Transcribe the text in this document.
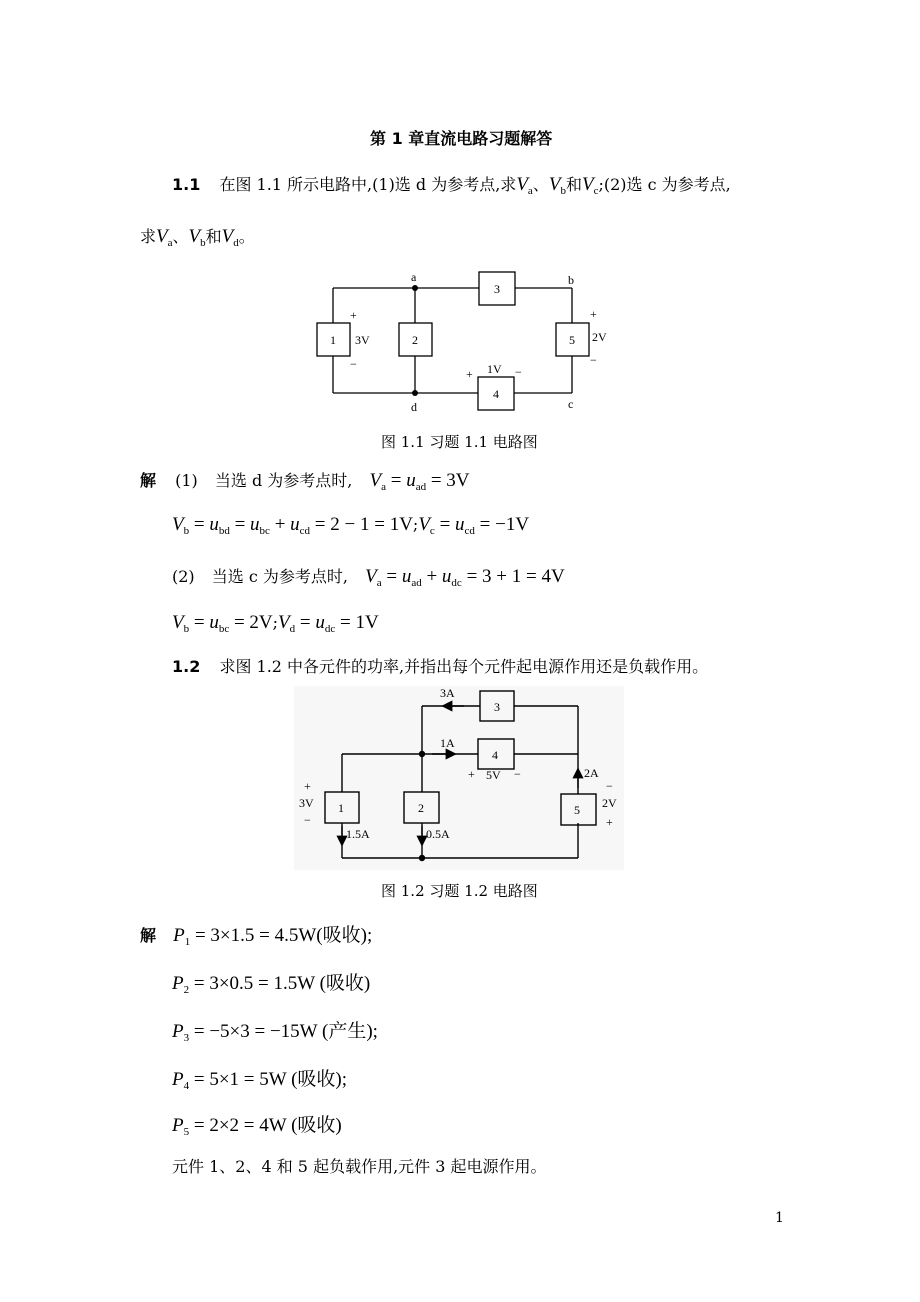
第 1 章直流电路习题解答
1.1 在图 1.1 所示电路中,(1)选 d 为参考点,求$V_a$、$V_b$和$V_c;(2)$选 c 为参考点,
求$V_a$、$V_b$和$V_d$。
a	b
c
d
1	2
3
4
5
+
3V
−
+ 1V −
+
2V
−
图 1.1 习题 1.1 电路图
解 (1) 当选 d 为参考点时, $V_a = u_{ad} = 3V$
$V_b = u_{bd} = u_{bc} + u_{cd} = 2 - 1$ = $1V;V_c = u_{cd} = -1V$
(2) 当选 c 为参考点时, $V_a = u_{ad} + u_{dc} = 3 + 1 = 4V$
$V_b = u_{bc}$ = $2V;V_d = u_{dc} = 1V$
1.2 求图 1.2 中各元件的功率,并指出每个元件起电源作用还是负载作用。
1	2
3
4
5
3A
1A
1.5A	0.5A
2A
+
3V
−
+ 5V −
−
2V
+
图 1.2 习题 1.2 电路图
解 $P_1 = 3\times 1.5 = 4.5W$(吸收);
$P_2 = 3\times 0.5 = 1.5W$ (吸收)
$P_3 = -5\times 3 = -15W$ (产生);
$P_4 = 5\times 1 = 5W$ (吸收);
$P_5 = 2\times 2 = 4W$ (吸收)
元件 1、2、4 和 5 起负载作用,元件 3 起电源作用。
1
